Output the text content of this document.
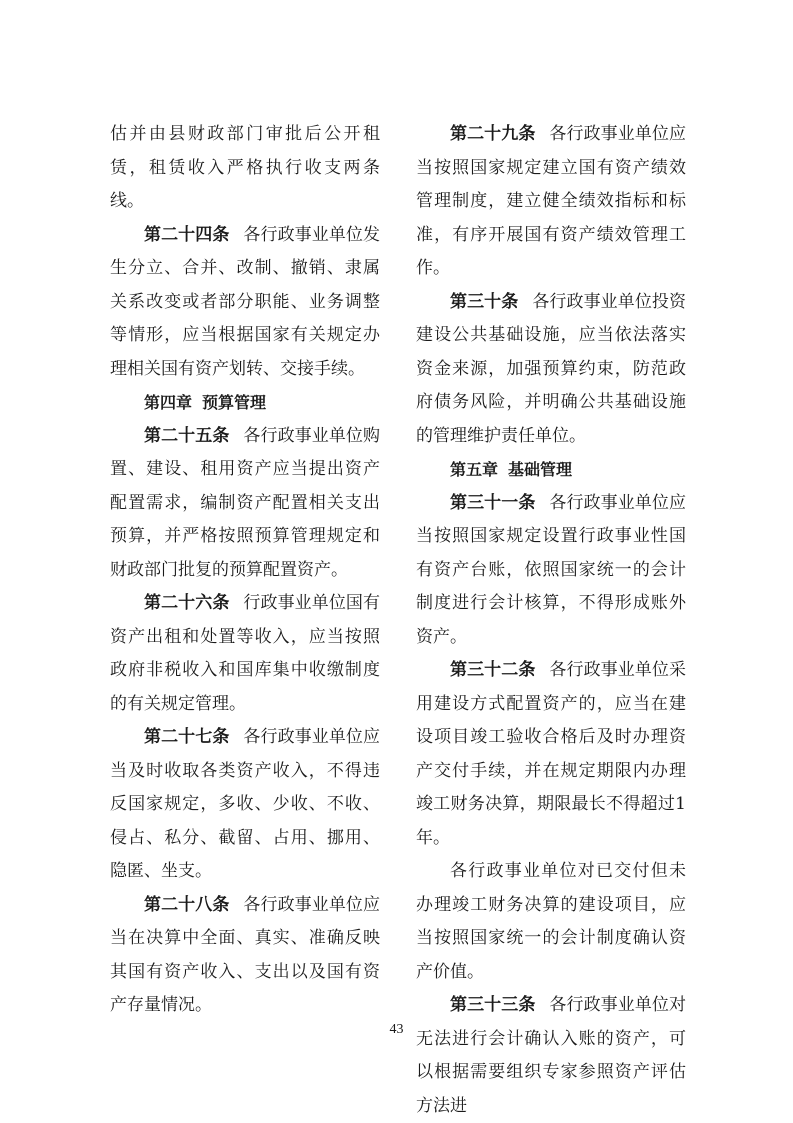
估并由县财政部门审批后公开租赁，租赁收入严格执行收支两条线。

第二十四条 各行政事业单位发生分立、合并、改制、撤销、隶属关系改变或者部分职能、业务调整等情形，应当根据国家有关规定办理相关国有资产划转、交接手续。

第四章 预算管理

第二十五条 各行政事业单位购置、建设、租用资产应当提出资产配置需求，编制资产配置相关支出预算，并严格按照预算管理规定和财政部门批复的预算配置资产。

第二十六条 行政事业单位国有资产出租和处置等收入，应当按照政府非税收入和国库集中收缴制度的有关规定管理。

第二十七条 各行政事业单位应当及时收取各类资产收入，不得违反国家规定，多收、少收、不收、侵占、私分、截留、占用、挪用、隐匿、坐支。

第二十八条 各行政事业单位应当在决算中全面、真实、准确反映其国有资产收入、支出以及国有资产存量情况。

第二十九条 各行政事业单位应当按照国家规定建立国有资产绩效管理制度，建立健全绩效指标和标准，有序开展国有资产绩效管理工作。

第三十条 各行政事业单位投资建设公共基础设施，应当依法落实资金来源，加强预算约束，防范政府债务风险，并明确公共基础设施的管理维护责任单位。

第五章 基础管理

第三十一条 各行政事业单位应当按照国家规定设置行政事业性国有资产台账，依照国家统一的会计制度进行会计核算，不得形成账外资产。

第三十二条 各行政事业单位采用建设方式配置资产的，应当在建设项目竣工验收合格后及时办理资产交付手续，并在规定期限内办理竣工财务决算，期限最长不得超过1年。

各行政事业单位对已交付但未办理竣工财务决算的建设项目，应当按照国家统一的会计制度确认资产价值。

第三十三条 各行政事业单位对无法进行会计确认入账的资产，可以根据需要组织专家参照资产评估方法进

43
